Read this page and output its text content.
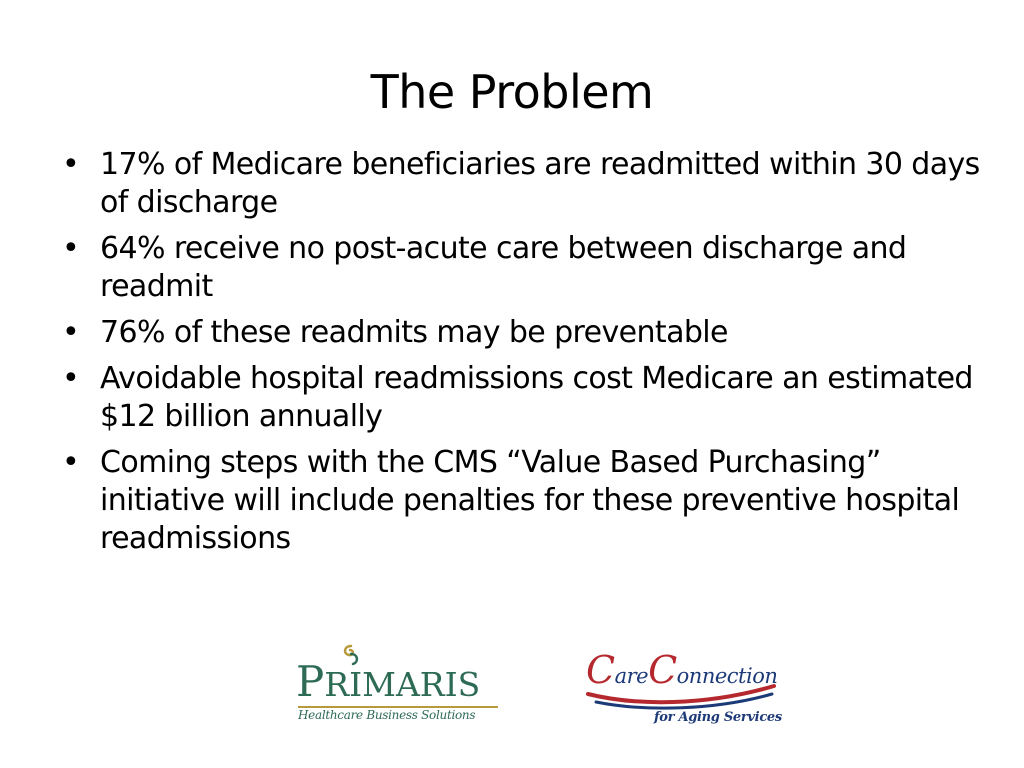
The Problem
• 17% of Medicare beneficiaries are readmitted within 30 days of discharge
• 64% receive no post-acute care between discharge and readmit
• 76% of these readmits may be preventable
• Avoidable hospital readmissions cost Medicare an estimated $12 billion annually
• Coming steps with the CMS “Value Based Purchasing” initiative will include penalties for these preventive hospital readmissions
PRIMARIS
Healthcare Business Solutions
CareConnection
for Aging Services
